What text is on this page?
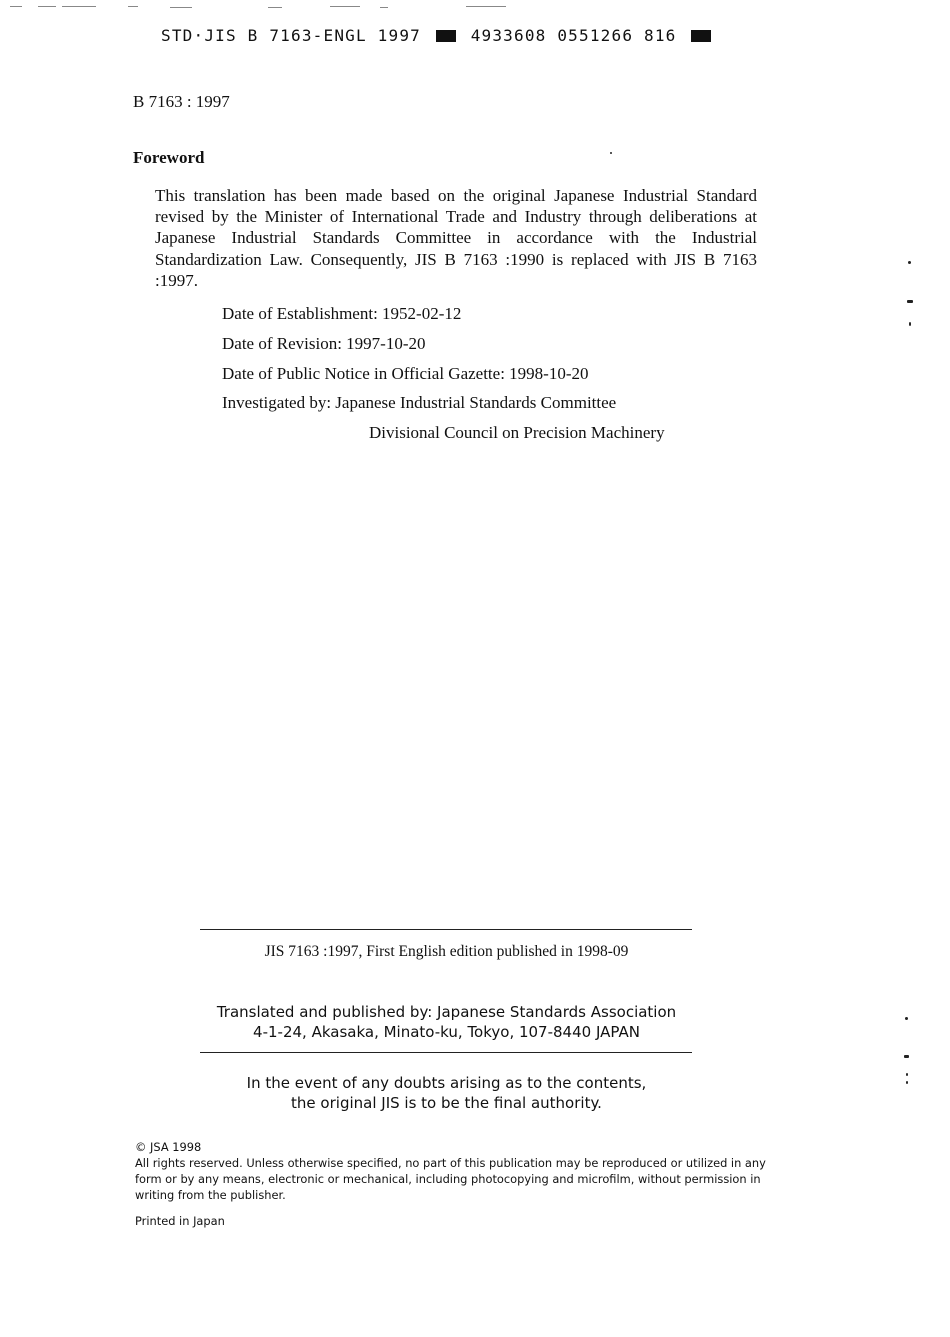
STD·JIS B 7163-ENGL 1997	4933608 0551266 816
B 7163 : 1997
Foreword

This translation has been made based on the original Japanese Industrial Standard revised by the Minister of International Trade and Industry through deliberations at Japanese Industrial Standards Committee in accordance with the Industrial Standardization Law. Consequently, JIS B 7163 :1990 is replaced with JIS B 7163 :1997.

Date of Establishment: 1952-02-12
Date of Revision: 1997-10-20
Date of Public Notice in Official Gazette: 1998-10-20
Investigated by: Japanese Industrial Standards Committee
Divisional Council on Precision Machinery
JIS 7163 :1997, First English edition published in 1998-09
Translated and published by: Japanese Standards Association
4-1-24, Akasaka, Minato-ku, Tokyo, 107-8440 JAPAN
In the event of any doubts arising as to the contents,
the original JIS is to be the final authority.
© JSA 1998
All rights reserved. Unless otherwise specified, no part of this publication may be reproduced or utilized in any form or by any means, electronic or mechanical, including photocopying and microfilm, without permission in writing from the publisher.
Printed in Japan
